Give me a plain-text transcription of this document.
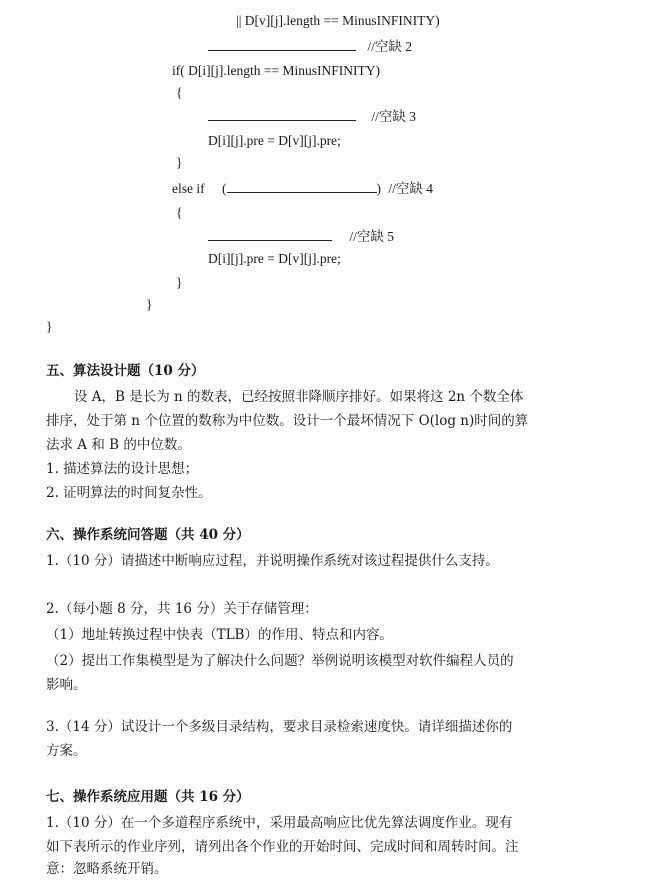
|| D[v][j].length == MinusINFINITY)
//空缺 2
if( D[i][j].length == MinusINFINITY)
{
//空缺 3
D[i][j].pre = D[v][j].pre;
}
else if (	) //空缺 4
{
//空缺 5
D[i][j].pre = D[v][j].pre;
}
}
}
五、算法设计题（10 分）
设 A，B 是长为 n 的数表，已经按照非降顺序排好。如果将这 2n 个数全体
排序，处于第 n 个位置的数称为中位数。设计一个最坏情况下 O(log n)时间的算
法求 A 和 B 的中位数。
1. 描述算法的设计思想；
2. 证明算法的时间复杂性。
六、操作系统问答题（共 40 分）
1.（10 分）请描述中断响应过程，并说明操作系统对该过程提供什么支持。
2.（每小题 8 分，共 16 分）关于存储管理：
（1）地址转换过程中快表（TLB）的作用、特点和内容。
（2）提出工作集模型是为了解决什么问题？举例说明该模型对软件编程人员的
影响。
3.（14 分）试设计一个多级目录结构，要求目录检索速度快。请详细描述你的
方案。
七、操作系统应用题（共 16 分）
1.（10 分）在一个多道程序系统中，采用最高响应比优先算法调度作业。现有
如下表所示的作业序列，请列出各个作业的开始时间、完成时间和周转时间。注
意：忽略系统开销。
